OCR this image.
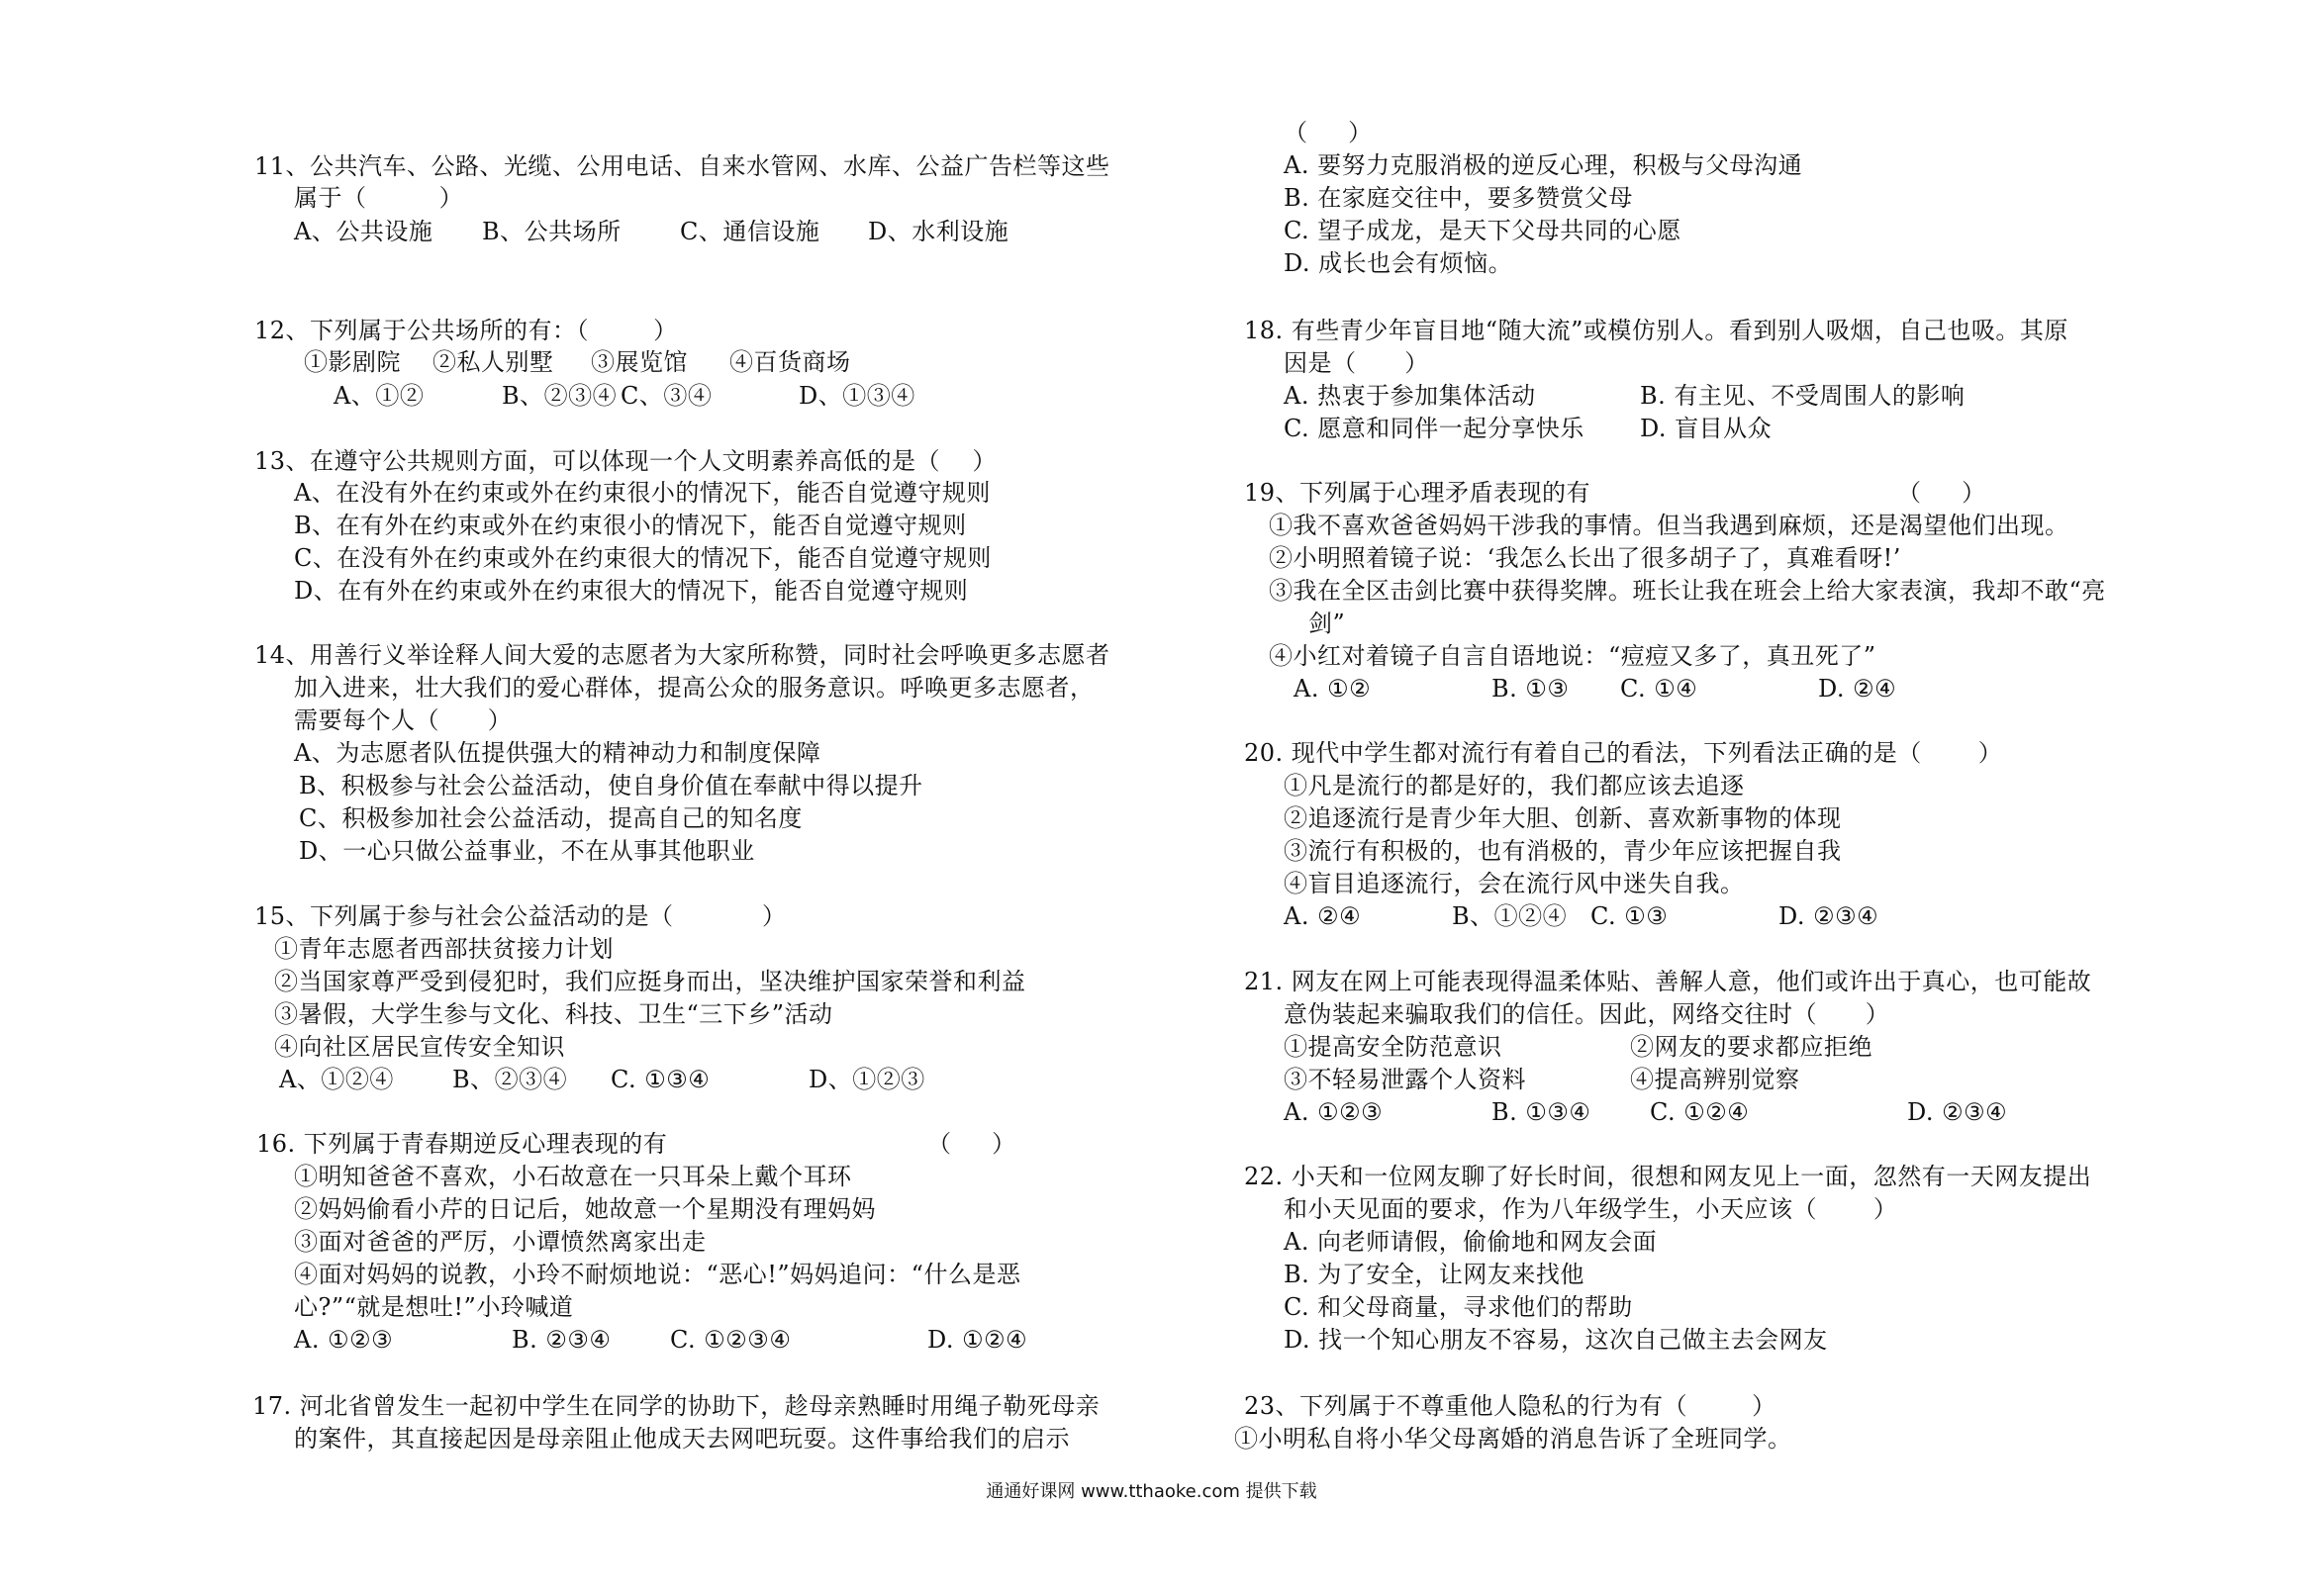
11、公共汽车、公路、光缆、公用电话、自来水管网、水库、公益广告栏等这些
属于（         ）
A、公共设施 B、公共场所 C、通信设施 D、水利设施
12、下列属于公共场所的有：（        ）
①影剧院 ②私人别墅 ③展览馆 ④百货商场
A、①②	B、②③④ C、③④	D、①③④
13、在遵守公共规则方面，可以体现一个人文明素养高低的是（    ）
A、在没有外在约束或外在约束很小的情况下，能否自觉遵守规则
B、在有外在约束或外在约束很小的情况下，能否自觉遵守规则
C、在没有外在约束或外在约束很大的情况下，能否自觉遵守规则
D、在有外在约束或外在约束很大的情况下，能否自觉遵守规则
14、用善行义举诠释人间大爱的志愿者为大家所称赞，同时社会呼唤更多志愿者
加入进来，壮大我们的爱心群体，提高公众的服务意识。呼唤更多志愿者，
需要每个人（      ）
A、为志愿者队伍提供强大的精神动力和制度保障
B、积极参与社会公益活动，使自身价值在奉献中得以提升
C、积极参加社会公益活动，提高自己的知名度
D、一心只做公益事业，不在从事其他职业
15、下列属于参与社会公益活动的是（           ）
①青年志愿者西部扶贫接力计划
②当国家尊严受到侵犯时，我们应挺身而出，坚决维护国家荣誉和利益
③暑假，大学生参与文化、科技、卫生“三下乡”活动
④向社区居民宣传安全知识
A、①②④ B、②③④ C. ①③④	D、①②③
16. 下列属于青春期逆反心理表现的有	（     ）
①明知爸爸不喜欢，小石故意在一只耳朵上戴个耳环
②妈妈偷看小芹的日记后，她故意一个星期没有理妈妈
③面对爸爸的严厉，小谭愤然离家出走
④面对妈妈的说教，小玲不耐烦地说：“恶心!”妈妈追问：“什么是恶
心?”“就是想吐!”小玲喊道
A. ①②③	B. ②③④ C. ①②③④	D. ①②④
17. 河北省曾发生一起初中学生在同学的协助下，趁母亲熟睡时用绳子勒死母亲
的案件，其直接起因是母亲阻止他成天去网吧玩耍。这件事给我们的启示
（     ）
A. 要努力克服消极的逆反心理，积极与父母沟通
B. 在家庭交往中，要多赞赏父母
C. 望子成龙，是天下父母共同的心愿
D. 成长也会有烦恼。
18. 有些青少年盲目地“随大流”或模仿别人。看到别人吸烟，自己也吸。其原
因是（      ）
A. 热衷于参加集体活动	B. 有主见、不受周围人的影响
C. 愿意和同伴一起分享快乐 D. 盲目从众
19、下列属于心理矛盾表现的有	（     ）
①我不喜欢爸爸妈妈干涉我的事情。但当我遇到麻烦，还是渴望他们出现。
②小明照着镜子说：‘我怎么长出了很多胡子了，真难看呀!’
③我在全区击剑比赛中获得奖牌。班长让我在班会上给大家表演，我却不敢“亮
剑”
④小红对着镜子自言自语地说：“痘痘又多了，真丑死了”
A. ①②	B. ①③ C. ①④	D. ②④
20. 现代中学生都对流行有着自己的看法，下列看法正确的是（       ）
①凡是流行的都是好的，我们都应该去追逐
②追逐流行是青少年大胆、创新、喜欢新事物的体现
③流行有积极的，也有消极的，青少年应该把握自我
④盲目追逐流行，会在流行风中迷失自我。
A. ②④	B、①②④ C. ①③	D. ②③④
21. 网友在网上可能表现得温柔体贴、善解人意，他们或许出于真心，也可能故
意伪装起来骗取我们的信任。因此，网络交往时（      ）
①提高安全防范意识	②网友的要求都应拒绝
③不轻易泄露个人资料	④提高辨别觉察
A. ①②③	B. ①③④ C. ①②④	D. ②③④
22. 小天和一位网友聊了好长时间，很想和网友见上一面，忽然有一天网友提出
和小天见面的要求，作为八年级学生，小天应该（       ）
A. 向老师请假，偷偷地和网友会面
B. 为了安全，让网友来找他
C. 和父母商量，寻求他们的帮助
D. 找一个知心朋友不容易，这次自己做主去会网友
23、下列属于不尊重他人隐私的行为有（        ）
①小明私自将小华父母离婚的消息告诉了全班同学。
通通好课网 www.tthaoke.com 提供下载
